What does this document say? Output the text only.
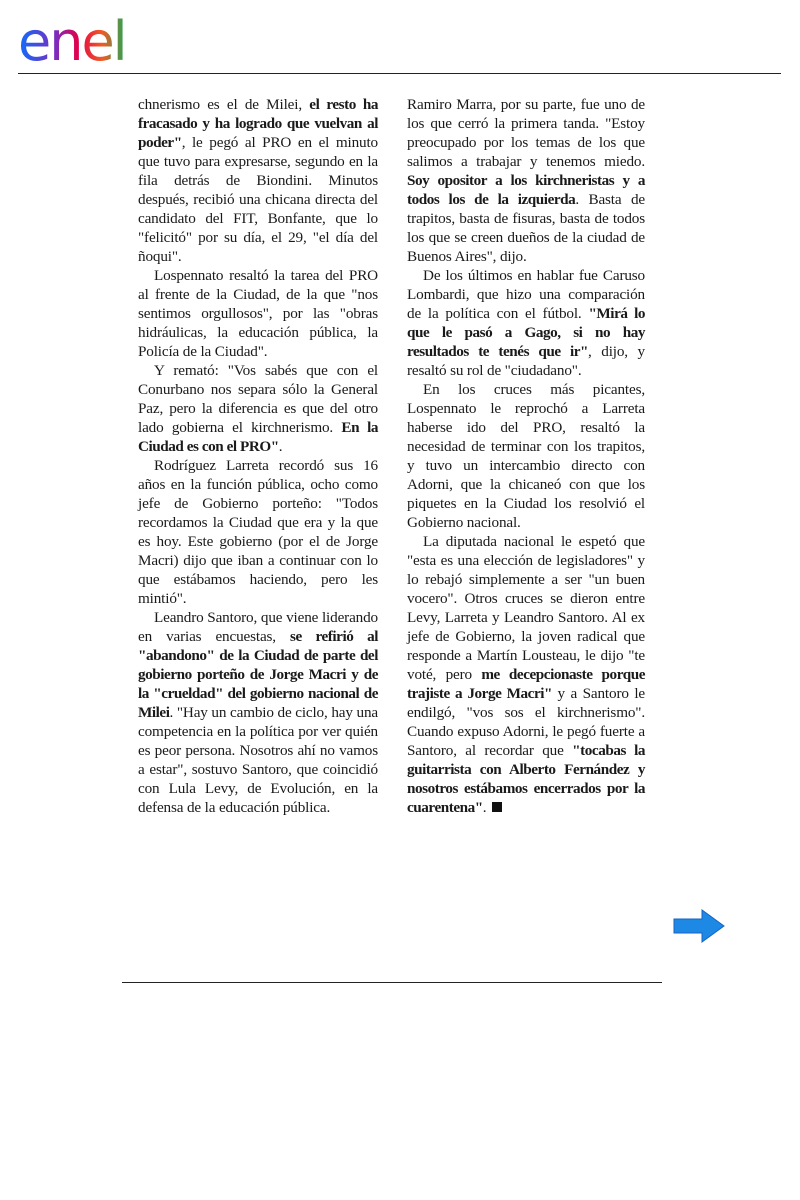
enel

chnerismo es el de Milei, el resto ha fracasado y ha logrado que vuelvan al poder", le pegó al PRO en el minuto que tuvo para expresarse, segundo en la fila detrás de Biondini. Minutos después, recibió una chicana directa del candidato del FIT, Bonfante, que lo "felicitó" por su día, el 29, "el día del ñoqui".

Lospennato resaltó la tarea del PRO al frente de la Ciudad, de la que "nos sentimos orgullosos", por las "obras hidráulicas, la educación pública, la Policía de la Ciudad".

Y remató: "Vos sabés que con el Conurbano nos separa sólo la General Paz, pero la diferencia es que del otro lado gobierna el kirchnerismo. En la Ciudad es con el PRO".

Rodríguez Larreta recordó sus 16 años en la función pública, ocho como jefe de Gobierno porteño: "Todos recordamos la Ciudad que era y la que es hoy. Este gobierno (por el de Jorge Macri) dijo que iban a continuar con lo que estábamos haciendo, pero les mintió".

Leandro Santoro, que viene liderando en varias encuestas, se refirió al "abandono" de la Ciudad de parte del gobierno porteño de Jorge Macri y de la "crueldad" del gobierno nacional de Milei. "Hay un cambio de ciclo, hay una competencia en la política por ver quién es peor persona. Nosotros ahí no vamos a estar", sostuvo Santoro, que coincidió con Lula Levy, de Evolución, en la defensa de la educación pública.

Ramiro Marra, por su parte, fue uno de los que cerró la primera tanda. "Estoy preocupado por los temas de los que salimos a trabajar y tenemos miedo. Soy opositor a los kirchneristas y a todos los de la izquierda. Basta de trapitos, basta de fisuras, basta de todos los que se creen dueños de la ciudad de Buenos Aires", dijo.

De los últimos en hablar fue Caruso Lombardi, que hizo una comparación de la política con el fútbol. "Mirá lo que le pasó a Gago, si no hay resultados te tenés que ir", dijo, y resaltó su rol de "ciudadano".

En los cruces más picantes, Lospennato le reprochó a Larreta haberse ido del PRO, resaltó la necesidad de terminar con los trapitos, y tuvo un intercambio directo con Adorni, que la chicaneó con que los piquetes en la Ciudad los resolvió el Gobierno nacional.

La diputada nacional le espetó que "esta es una elección de legisladores" y lo rebajó simplemente a ser "un buen vocero". Otros cruces se dieron entre Levy, Larreta y Leandro Santoro. Al ex jefe de Gobierno, la joven radical que responde a Martín Lousteau, le dijo "te voté, pero me decepcionaste porque trajiste a Jorge Macri" y a Santoro le endilgó, "vos sos el kirchnerismo". Cuando expuso Adorni, le pegó fuerte a Santoro, al recordar que "tocabas la guitarrista con Alberto Fernández y nosotros estábamos encerrados por la cuarentena".
